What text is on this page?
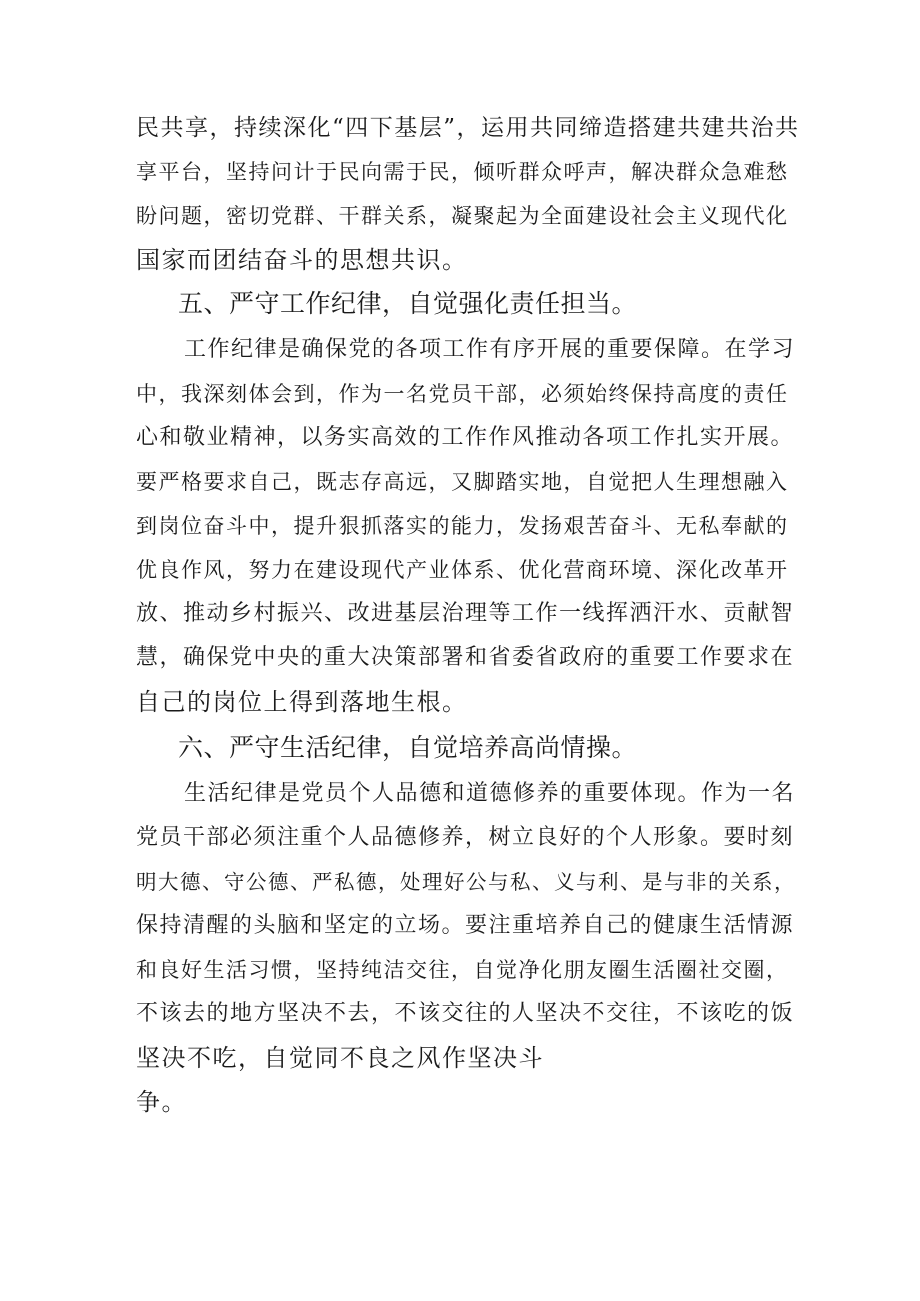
民共享，持续深化“四下基层”，运用共同缔造搭建共建共治共
享平台，坚持问计于民向需于民，倾听群众呼声，解决群众急难愁
盼问题，密切党群、干群关系，凝聚起为全面建设社会主义现代化
国家而团结奋斗的思想共识。
五、严守工作纪律，自觉强化责任担当。
工作纪律是确保党的各项工作有序开展的重要保障。在学习
中，我深刻体会到，作为一名党员干部，必须始终保持高度的责任
心和敬业精神，以务实高效的工作作风推动各项工作扎实开展。
要严格要求自己，既志存高远，又脚踏实地，自觉把人生理想融入
到岗位奋斗中，提升狠抓落实的能力，发扬艰苦奋斗、无私奉献的
优良作风，努力在建设现代产业体系、优化营商环境、深化改革开
放、推动乡村振兴、改进基层治理等工作一线挥洒汗水、贡献智
慧，确保党中央的重大决策部署和省委省政府的重要工作要求在
自己的岗位上得到落地生根。
六、严守生活纪律，自觉培养高尚情操。
生活纪律是党员个人品德和道德修养的重要体现。作为一名
党员干部必须注重个人品德修养，树立良好的个人形象。要时刻
明大德、守公德、严私德，处理好公与私、义与利、是与非的关系，
保持清醒的头脑和坚定的立场。要注重培养自己的健康生活情源
和良好生活习惯，坚持纯洁交往，自觉净化朋友圈生活圈社交圈，
不该去的地方坚决不去，不该交往的人坚决不交往，不该吃的饭
坚决不吃，自觉同不良之风作坚决斗
争。
